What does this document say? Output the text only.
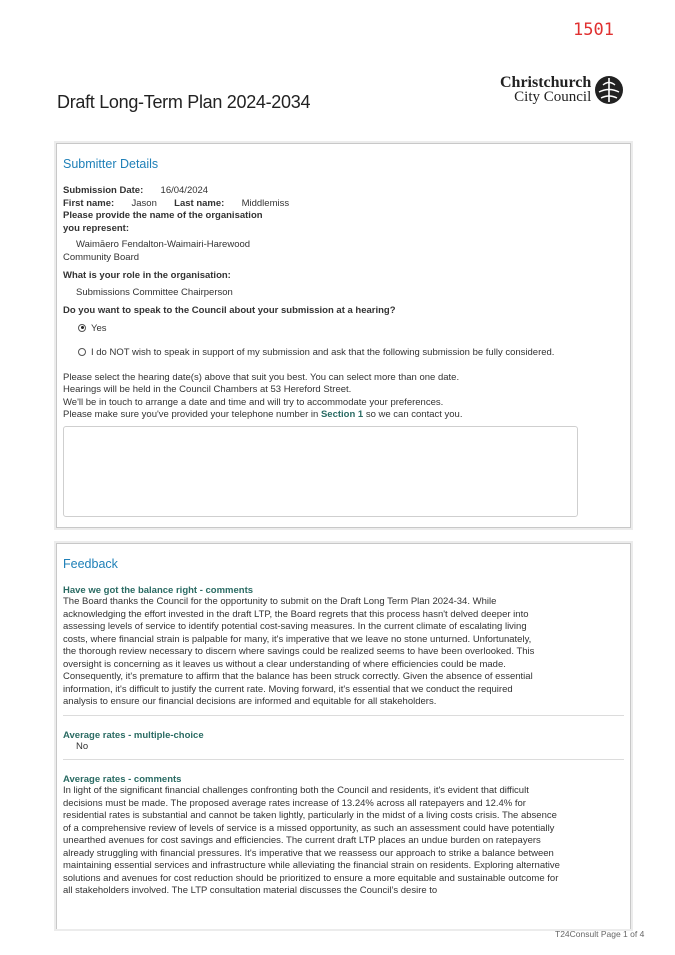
1501
Draft Long-Term Plan 2024-2034
Christchurch
City Council
Submitter Details
Submission Date: 16/04/2024
First name: Jason Last name: Middlemiss
Please provide the name of the organisation
you represent:
Waimāero Fendalton-Waimairi-Harewood
Community Board
What is your role in the organisation:
Submissions Committee Chairperson
Do you want to speak to the Council about your submission at a hearing?
Yes
I do NOT wish to speak in support of my submission and ask that the following submission be fully considered.
Please select the hearing date(s) above that suit you best. You can select more than one date.
Hearings will be held in the Council Chambers at 53 Hereford Street.
We'll be in touch to arrange a date and time and will try to accommodate your preferences.
Please make sure you've provided your telephone number in Section 1 so we can contact you.
Feedback
Have we got the balance right - comments
The Board thanks the Council for the opportunity to submit on the Draft Long Term Plan 2024-34. While acknowledging the effort invested in the draft LTP, the Board regrets that this process hasn't delved deeper into assessing levels of service to identify potential cost-saving measures. In the current climate of escalating living costs, where financial strain is palpable for many, it's imperative that we leave no stone unturned. Unfortunately, the thorough review necessary to discern where savings could be realized seems to have been overlooked. This oversight is concerning as it leaves us without a clear understanding of where efficiencies could be made. Consequently, it's premature to affirm that the balance has been struck correctly. Given the absence of essential information, it's difficult to justify the current rate. Moving forward, it's essential that we conduct the required analysis to ensure our financial decisions are informed and equitable for all stakeholders.
Average rates - multiple-choice
No
Average rates - comments
In light of the significant financial challenges confronting both the Council and residents, it's evident that difficult decisions must be made. The proposed average rates increase of 13.24% across all ratepayers and 12.4% for residential rates is substantial and cannot be taken lightly, particularly in the midst of a living costs crisis. The absence of a comprehensive review of levels of service is a missed opportunity, as such an assessment could have potentially unearthed avenues for cost savings and efficiencies. The current draft LTP places an undue burden on ratepayers already struggling with financial pressures. It's imperative that we reassess our approach to strike a balance between maintaining essential services and infrastructure while alleviating the financial strain on residents. Exploring alternative solutions and avenues for cost reduction should be prioritized to ensure a more equitable and sustainable outcome for all stakeholders involved. The LTP consultation material discusses the Council’s desire to
T24Consult Page 1 of 4
